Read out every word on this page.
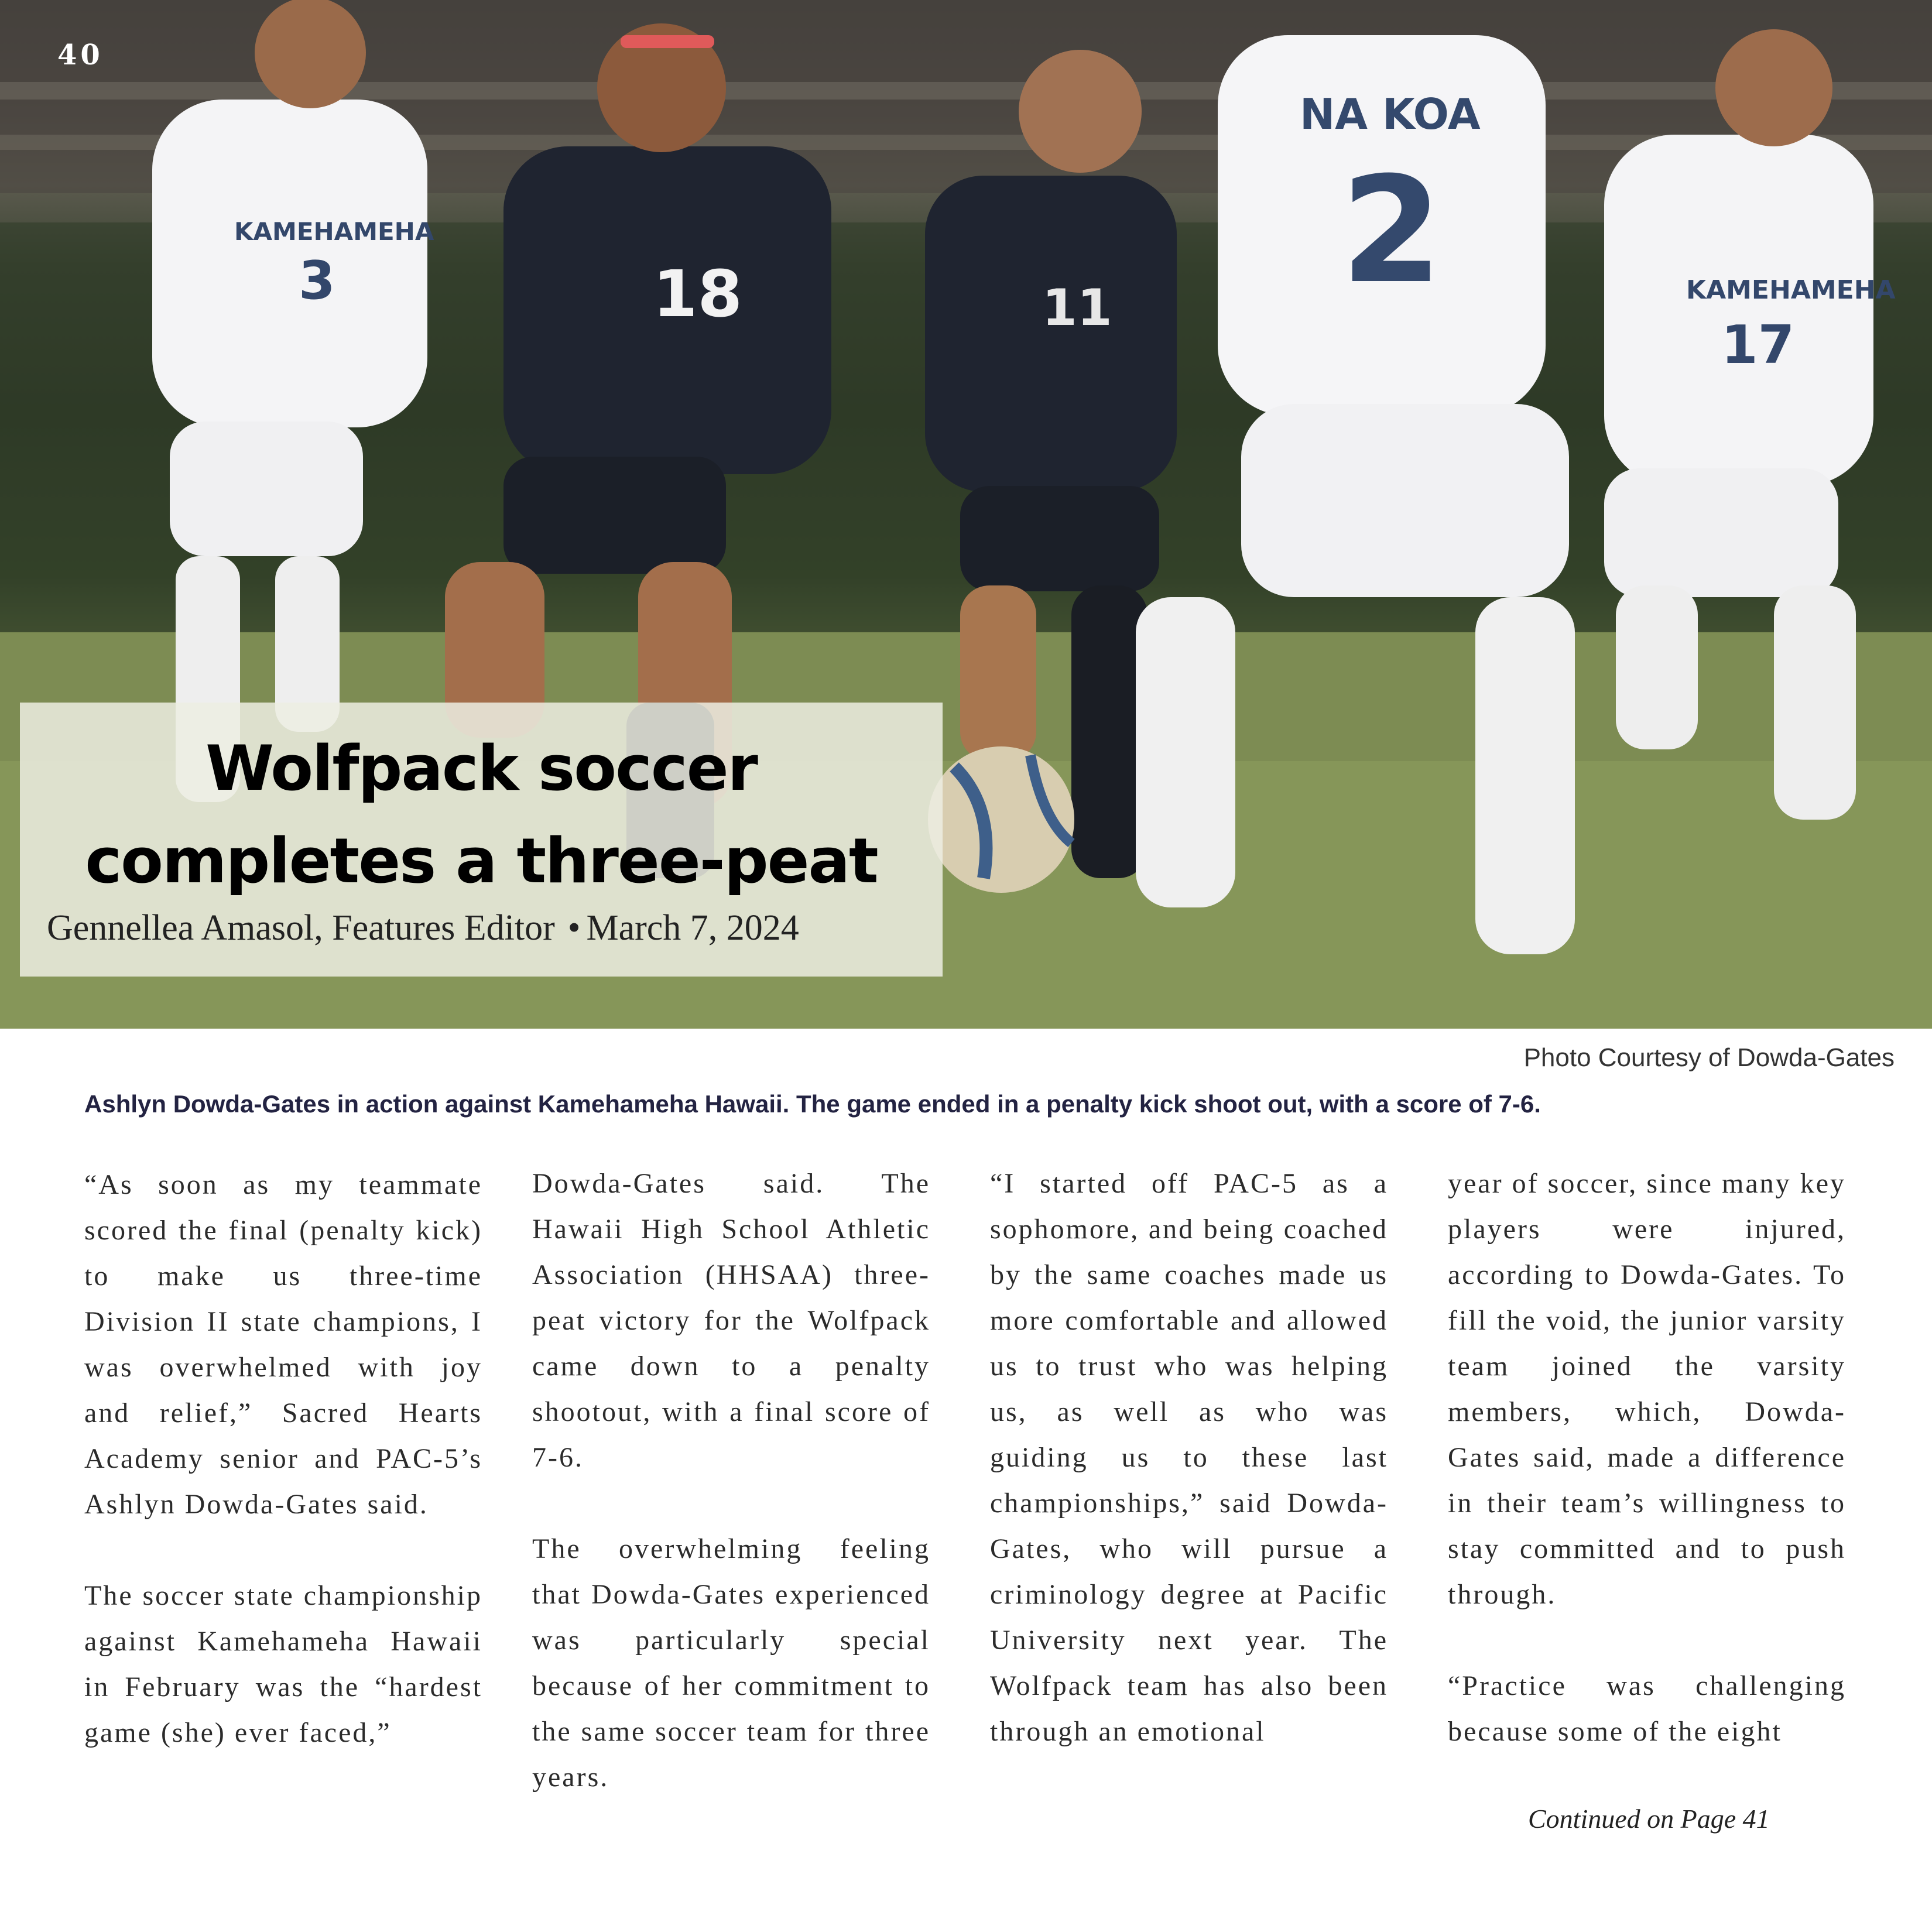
KAMEHAMEHA
3	18	11
NA KOA
2	KAMEHAMEHA
17
40
Wolfpack soccer
completes a three-peat
Gennellea Amasol, Features Editor • March 7, 2024
Photo Courtesy of Dowda-Gates
Ashlyn Dowda-Gates in action against Kamehameha Hawaii. The game ended in a penalty kick shoot out, with a score of 7-6.

“As soon as my teammate scored the final (penalty kick) to make us three-time Division II state champions, I was overwhelmed with joy and relief,” Sacred Hearts Academy senior and PAC-5’s Ashlyn Dowda-Gates said.

The soccer state championship against Kamehameha Hawaii in February was the “hardest game (she) ever faced,”

Dowda-Gates said. The Hawaii High School Athletic Association (HHSAA) three-peat victory for the Wolfpack came down to a penalty shootout, with a final score of 7-6.

The overwhelming feeling that Dowda-Gates experienced was particularly special because of her commitment to the same soccer team for three years.

“I started off PAC-5 as a sophomore, and being coached by the same coaches made us more comfortable and allowed us to trust who was helping us, as well as who was guiding us to these last championships,” said Dowda-Gates, who will pursue a criminology degree at Pacific University next year. The Wolfpack team has also been through an emotional

year of soccer, since many key players were injured, according to Dowda-Gates. To fill the void, the junior varsity team joined the varsity members, which, Dowda-Gates said, made a difference in their team’s willingness to stay committed and to push through.

“Practice was challenging because some of the eight

Continued on Page 41
